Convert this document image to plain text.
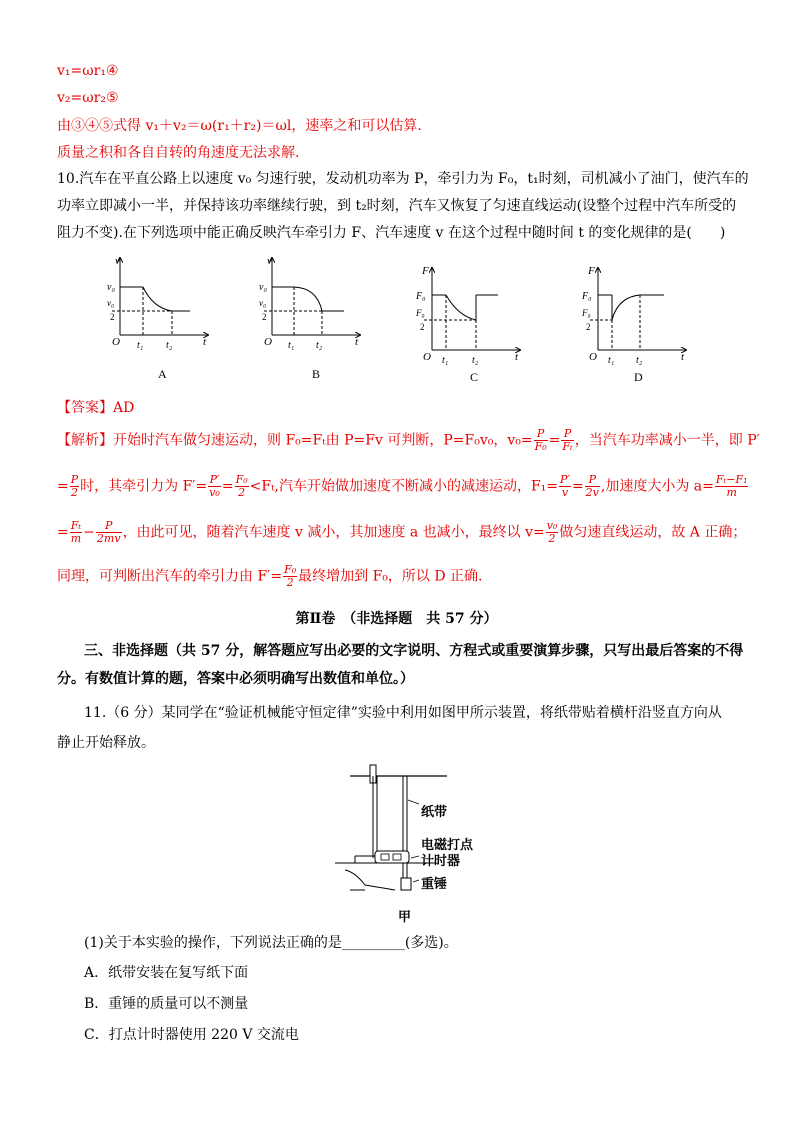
v₁=ωr₁④
v₂=ωr₂⑤
由③④⑤式得 v₁＋v₂＝ω(r₁＋r₂)＝ωl，速率之和可以估算.
质量之积和各自自转的角速度无法求解.
10.汽车在平直公路上以速度 v₀ 匀速行驶，发动机功率为 P，牵引力为 F₀，t₁时刻，司机减小了油门，使汽车的
功率立即减小一半，并保持该功率继续行驶，到 t₂时刻，汽车又恢复了匀速直线运动(设整个过程中汽车所受的
阻力不变).在下列选项中能正确反映汽车牵引力 F、汽车速度 v 在这个过程中随时间 t 的变化规律的是(　　)
v
v₀
v₀
2
O t₁ t₂	t
A
v
v₀
v₀
2
O t₁ t₂	t
B
F
F₀
F₀
2
O t₁ t₂	t
C
F
F₀
F₀
2
O t₁ t₂	t
D
【答案】AD
【解析】开始时汽车做匀速运动，则 F₀=Fₜ由 P=Fv 可判断，P=F₀v₀，$v_0= \frac{P}{\text{F₀}} = \frac{P}{\text{Fₜ}}$ ，当汽车功率减小一半，即 P′
= $\frac{P}{2}$ 时，其牵引力为 $F'= \frac{P'}{\text{v₀}} = \frac{\text{F₀}}{2} <F_t$,汽车开始做加速度不断减小的减速运动，$F_1= \frac{P'}{v} = \frac{P}{2v}$ ,加速度大小为 $a= \frac{\text{Fₜ−F₁}}{m}$
= $\frac{\text{Fₜ}}{m} - \frac{P}{2mv}$ ，由此可见，随着汽车速度 v 减小，其加速度 a 也减小，最终以 $v= \frac{\text{v₀}}{2}$ 做匀速直线运动，故 A 正确；
同理，可判断出汽车的牵引力由 $F'= \frac{\text{F₀}}{2}$ 最终增加到 F₀，所以 D 正确.
第Ⅱ卷　（非选择题　共 57 分）
三、非选择题（共 57 分，解答题应写出必要的文字说明、方程式或重要演算步骤，只写出最后答案的不得
分。有数值计算的题，答案中必须明确写出数值和单位。）
11.（6 分）某同学在“验证机械能守恒定律”实验中利用如图甲所示装置，将纸带贴着横杆沿竖直方向从
静止开始释放。
纸带
电磁打点
计时器
重锤
甲
(1)关于本实验的操作，下列说法正确的是_________(多选)。
A．纸带安装在复写纸下面
B．重锤的质量可以不测量
C．打点计时器使用 220 V 交流电
